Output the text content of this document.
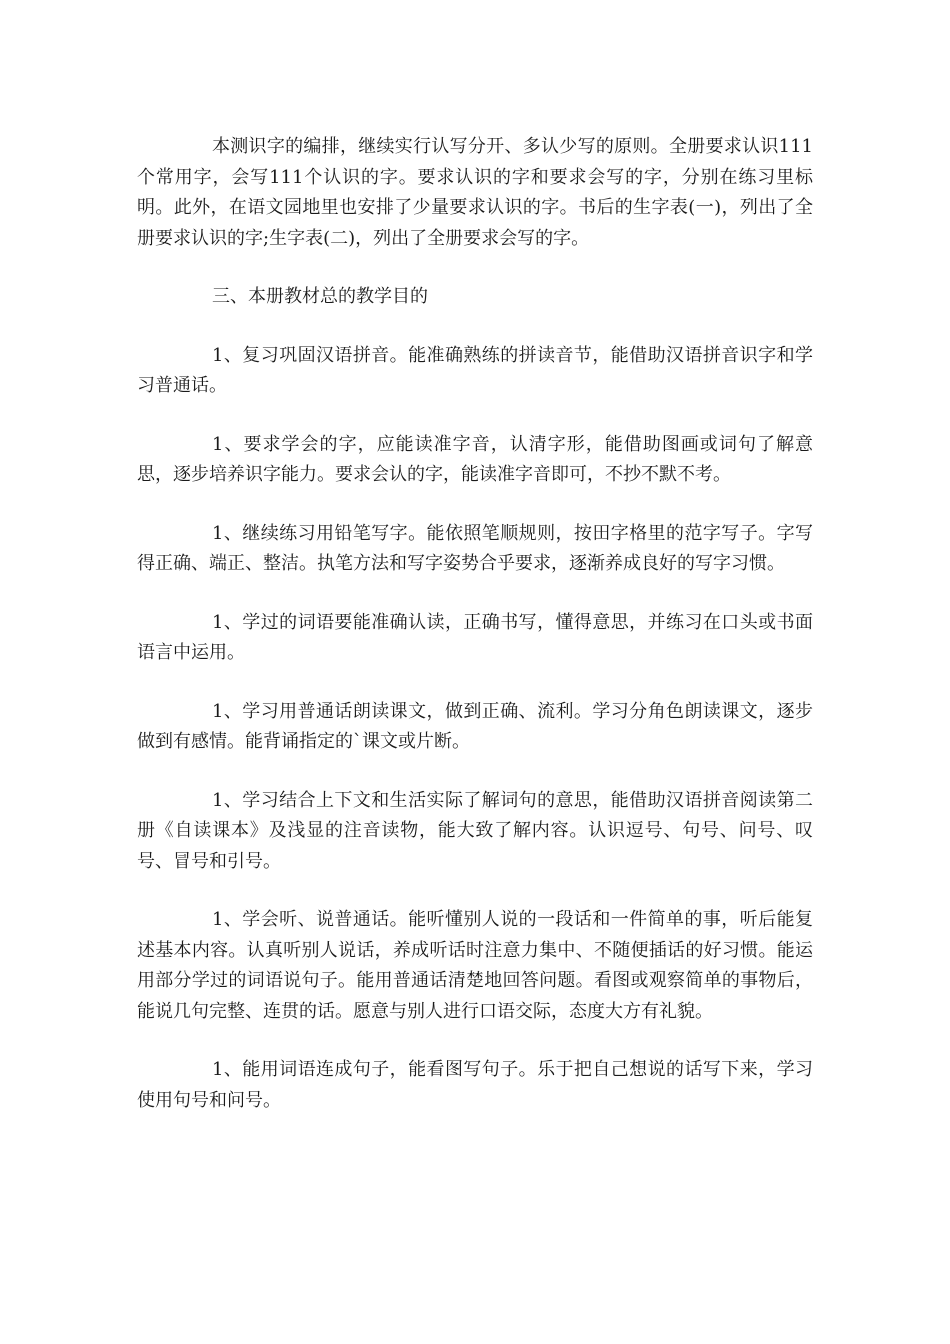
本测识字的编排，继续实行认写分开、多认少写的原则。全册要求认识111个常用字，会写111个认识的字。要求认识的字和要求会写的字，分别在练习里标明。此外，在语文园地里也安排了少量要求认识的字。书后的生字表(一)，列出了全册要求认识的字;生字表(二)，列出了全册要求会写的字。

三、本册教材总的教学目的

1、复习巩固汉语拼音。能准确熟练的拼读音节，能借助汉语拼音识字和学习普通话。

1、要求学会的字，应能读准字音，认清字形，能借助图画或词句了解意思，逐步培养识字能力。要求会认的字，能读准字音即可，不抄不默不考。

1、继续练习用铅笔写字。能依照笔顺规则，按田字格里的范字写子。字写得正确、端正、整洁。执笔方法和写字姿势合乎要求，逐渐养成良好的写字习惯。

1、学过的词语要能准确认读，正确书写，懂得意思，并练习在口头或书面语言中运用。

1、学习用普通话朗读课文，做到正确、流利。学习分角色朗读课文，逐步做到有感情。能背诵指定的`课文或片断。

1、学习结合上下文和生活实际了解词句的意思，能借助汉语拼音阅读第二册《自读课本》及浅显的注音读物，能大致了解内容。认识逗号、句号、问号、叹号、冒号和引号。

1、学会听、说普通话。能听懂别人说的一段话和一件简单的事，听后能复述基本内容。认真听别人说话，养成听话时注意力集中、不随便插话的好习惯。能运用部分学过的词语说句子。能用普通话清楚地回答问题。看图或观察简单的事物后，能说几句完整、连贯的话。愿意与别人进行口语交际，态度大方有礼貌。

1、能用词语连成句子，能看图写句子。乐于把自己想说的话写下来，学习使用句号和问号。
